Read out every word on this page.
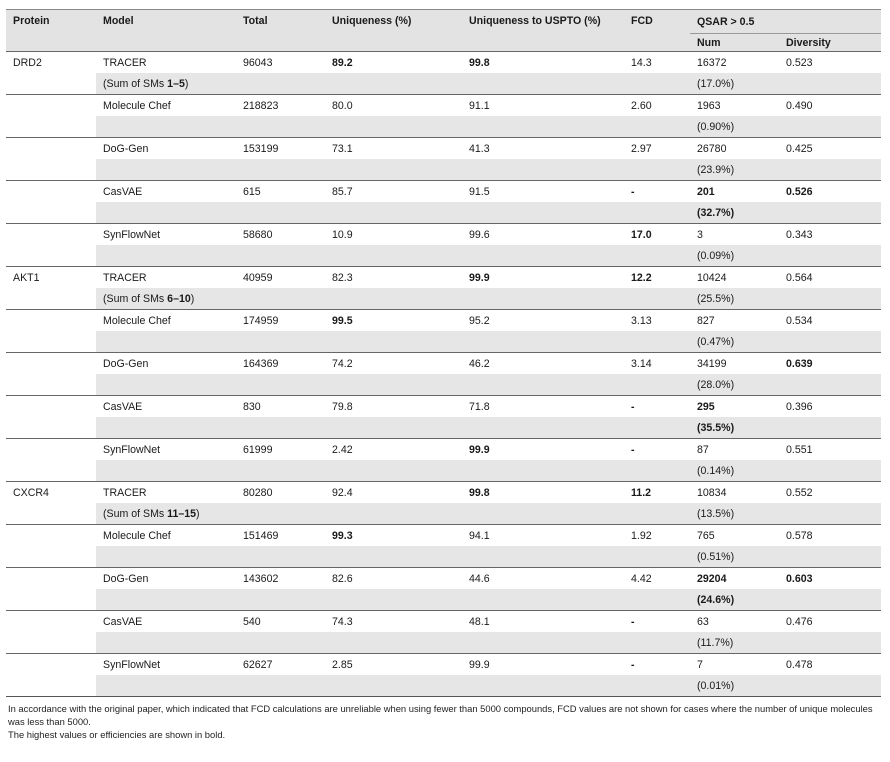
Protein	Model	Total	Uniqueness (%)	Uniqueness to USPTO (%)	FCD	QSAR > 0.5	
						Num	Diversity
DRD2	TRACER	96043	89.2	99.8	14.3	16372	0.523
	(Sum of SMs 1–5)					(17.0%)	
	Molecule Chef	218823	80.0	91.1	2.60	1963	0.490
						(0.90%)	
	DoG-Gen	153199	73.1	41.3	2.97	26780	0.425
						(23.9%)	
	CasVAE	615	85.7	91.5	-	201	0.526
						(32.7%)	
	SynFlowNet	58680	10.9	99.6	17.0	3	0.343
						(0.09%)	
AKT1	TRACER	40959	82.3	99.9	12.2	10424	0.564
	(Sum of SMs 6–10)					(25.5%)	
	Molecule Chef	174959	99.5	95.2	3.13	827	0.534
						(0.47%)	
	DoG-Gen	164369	74.2	46.2	3.14	34199	0.639
						(28.0%)	
	CasVAE	830	79.8	71.8	-	295	0.396
						(35.5%)	
	SynFlowNet	61999	2.42	99.9	-	87	0.551
						(0.14%)	
CXCR4	TRACER	80280	92.4	99.8	11.2	10834	0.552
	(Sum of SMs 11–15)					(13.5%)	
	Molecule Chef	151469	99.3	94.1	1.92	765	0.578
						(0.51%)	
	DoG-Gen	143602	82.6	44.6	4.42	29204	0.603
						(24.6%)	
	CasVAE	540	74.3	48.1	-	63	0.476
						(11.7%)	
	SynFlowNet	62627	2.85	99.9	-	7	0.478
						(0.01%)	
In accordance with the original paper, which indicated that FCD calculations are unreliable when using fewer than 5000 compounds, FCD values are not shown for cases where the number of unique molecules was less than 5000.
The highest values or efficiencies are shown in bold.
